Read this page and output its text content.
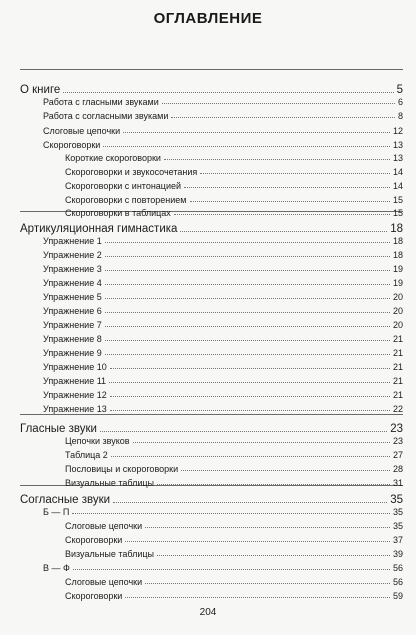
ОГЛАВЛЕНИЕ
О книге	5
Работа с гласными звуками	6
Работа с согласными звуками	8
Слоговые цепочки	12
Скороговорки	13
Короткие скороговорки	13
Скороговорки и звукосочетания	14
Скороговорки с интонацией	14
Скороговорки с повторением	15
Скороговорки в таблицах	15
Артикуляционная гимнастика	18
Упражнение 1	18
Упражнение 2	18
Упражнение 3	19
Упражнение 4	19
Упражнение 5	20
Упражнение 6	20
Упражнение 7	20
Упражнение 8	21
Упражнение 9	21
Упражнение 10	21
Упражнение 11	21
Упражнение 12	21
Упражнение 13	22
Гласные звуки	23
Цепочки звуков	23
Таблица 2	27
Пословицы и скороговорки	28
Визуальные таблицы	31
Согласные звуки	35
Б — П	35
Слоговые цепочки	35
Скороговорки	37
Визуальные таблицы	39
В — Ф	56
Слоговые цепочки	56
Скороговорки	59
204
